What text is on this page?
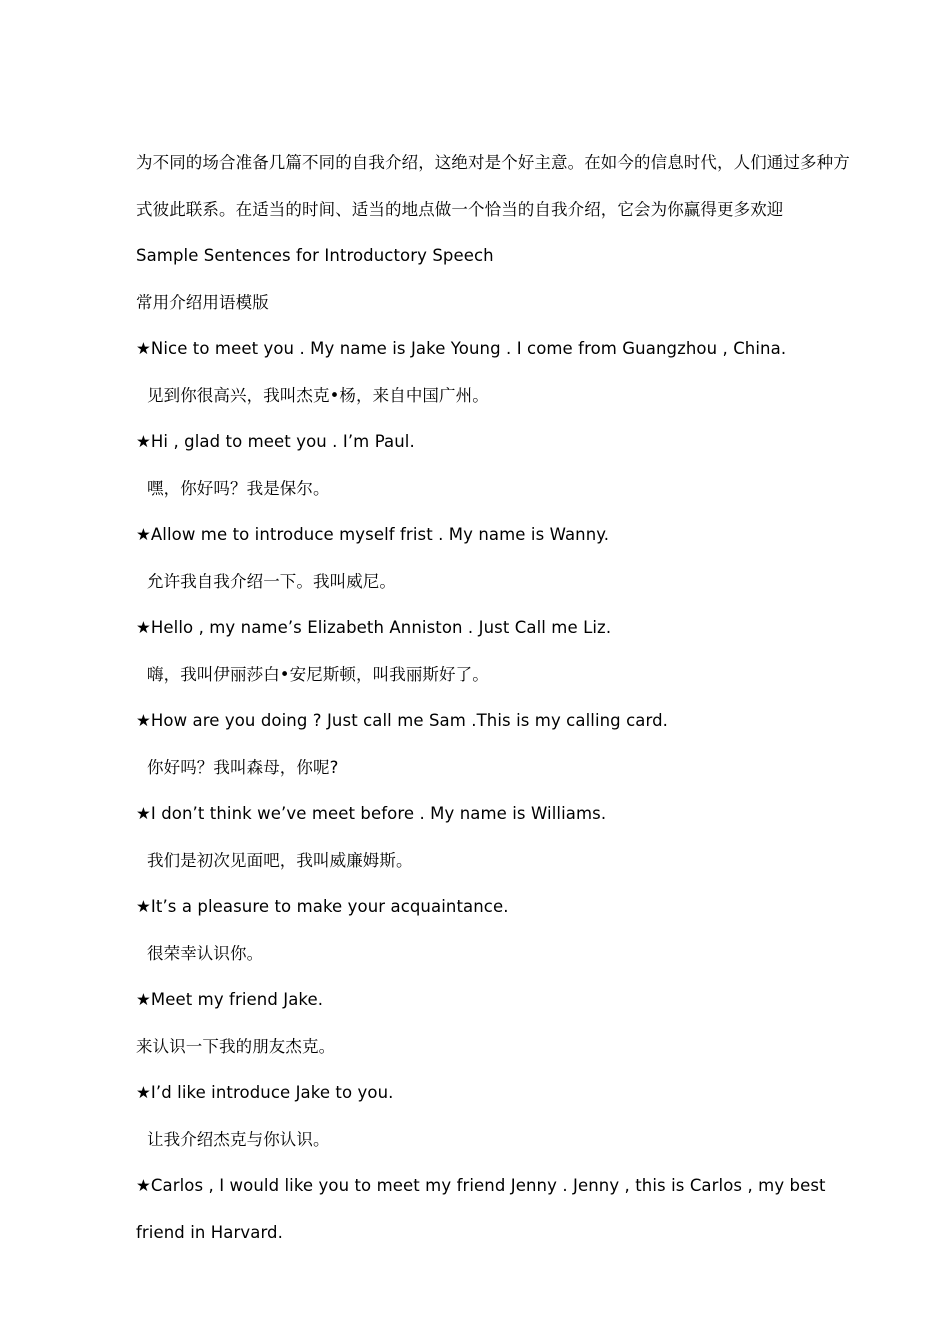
为不同的场合准备几篇不同的自我介绍，这绝对是个好主意。在如今的信息时代，人们通过多种方
式彼此联系。在适当的时间、适当的地点做一个恰当的自我介绍，它会为你赢得更多欢迎
Sample Sentences for Introductory Speech
常用介绍用语模版
★Nice to meet you . My name is Jake Young . I come from Guangzhou , China.
见到你很高兴，我叫杰克•杨，来自中国广州。
★Hi , glad to meet you . I’m Paul.
嘿，你好吗？我是保尔。
★Allow me to introduce myself frist . My name is Wanny.
允许我自我介绍一下。我叫威尼。
★Hello , my name’s Elizabeth Anniston . Just Call me Liz.
嗨，我叫伊丽莎白•安尼斯顿，叫我丽斯好了。
★How are you doing ? Just call me Sam .This is my calling card.
你好吗？我叫森母，你呢?
★I don’t think we’ve meet before . My name is Williams.
我们是初次见面吧，我叫威廉姆斯。
★It’s a pleasure to make your acquaintance.
很荣幸认识你。
★Meet my friend Jake.
来认识一下我的朋友杰克。
★I’d like introduce Jake to you.
让我介绍杰克与你认识。
★Carlos , I would like you to meet my friend Jenny . Jenny , this is Carlos , my best
friend in Harvard.
